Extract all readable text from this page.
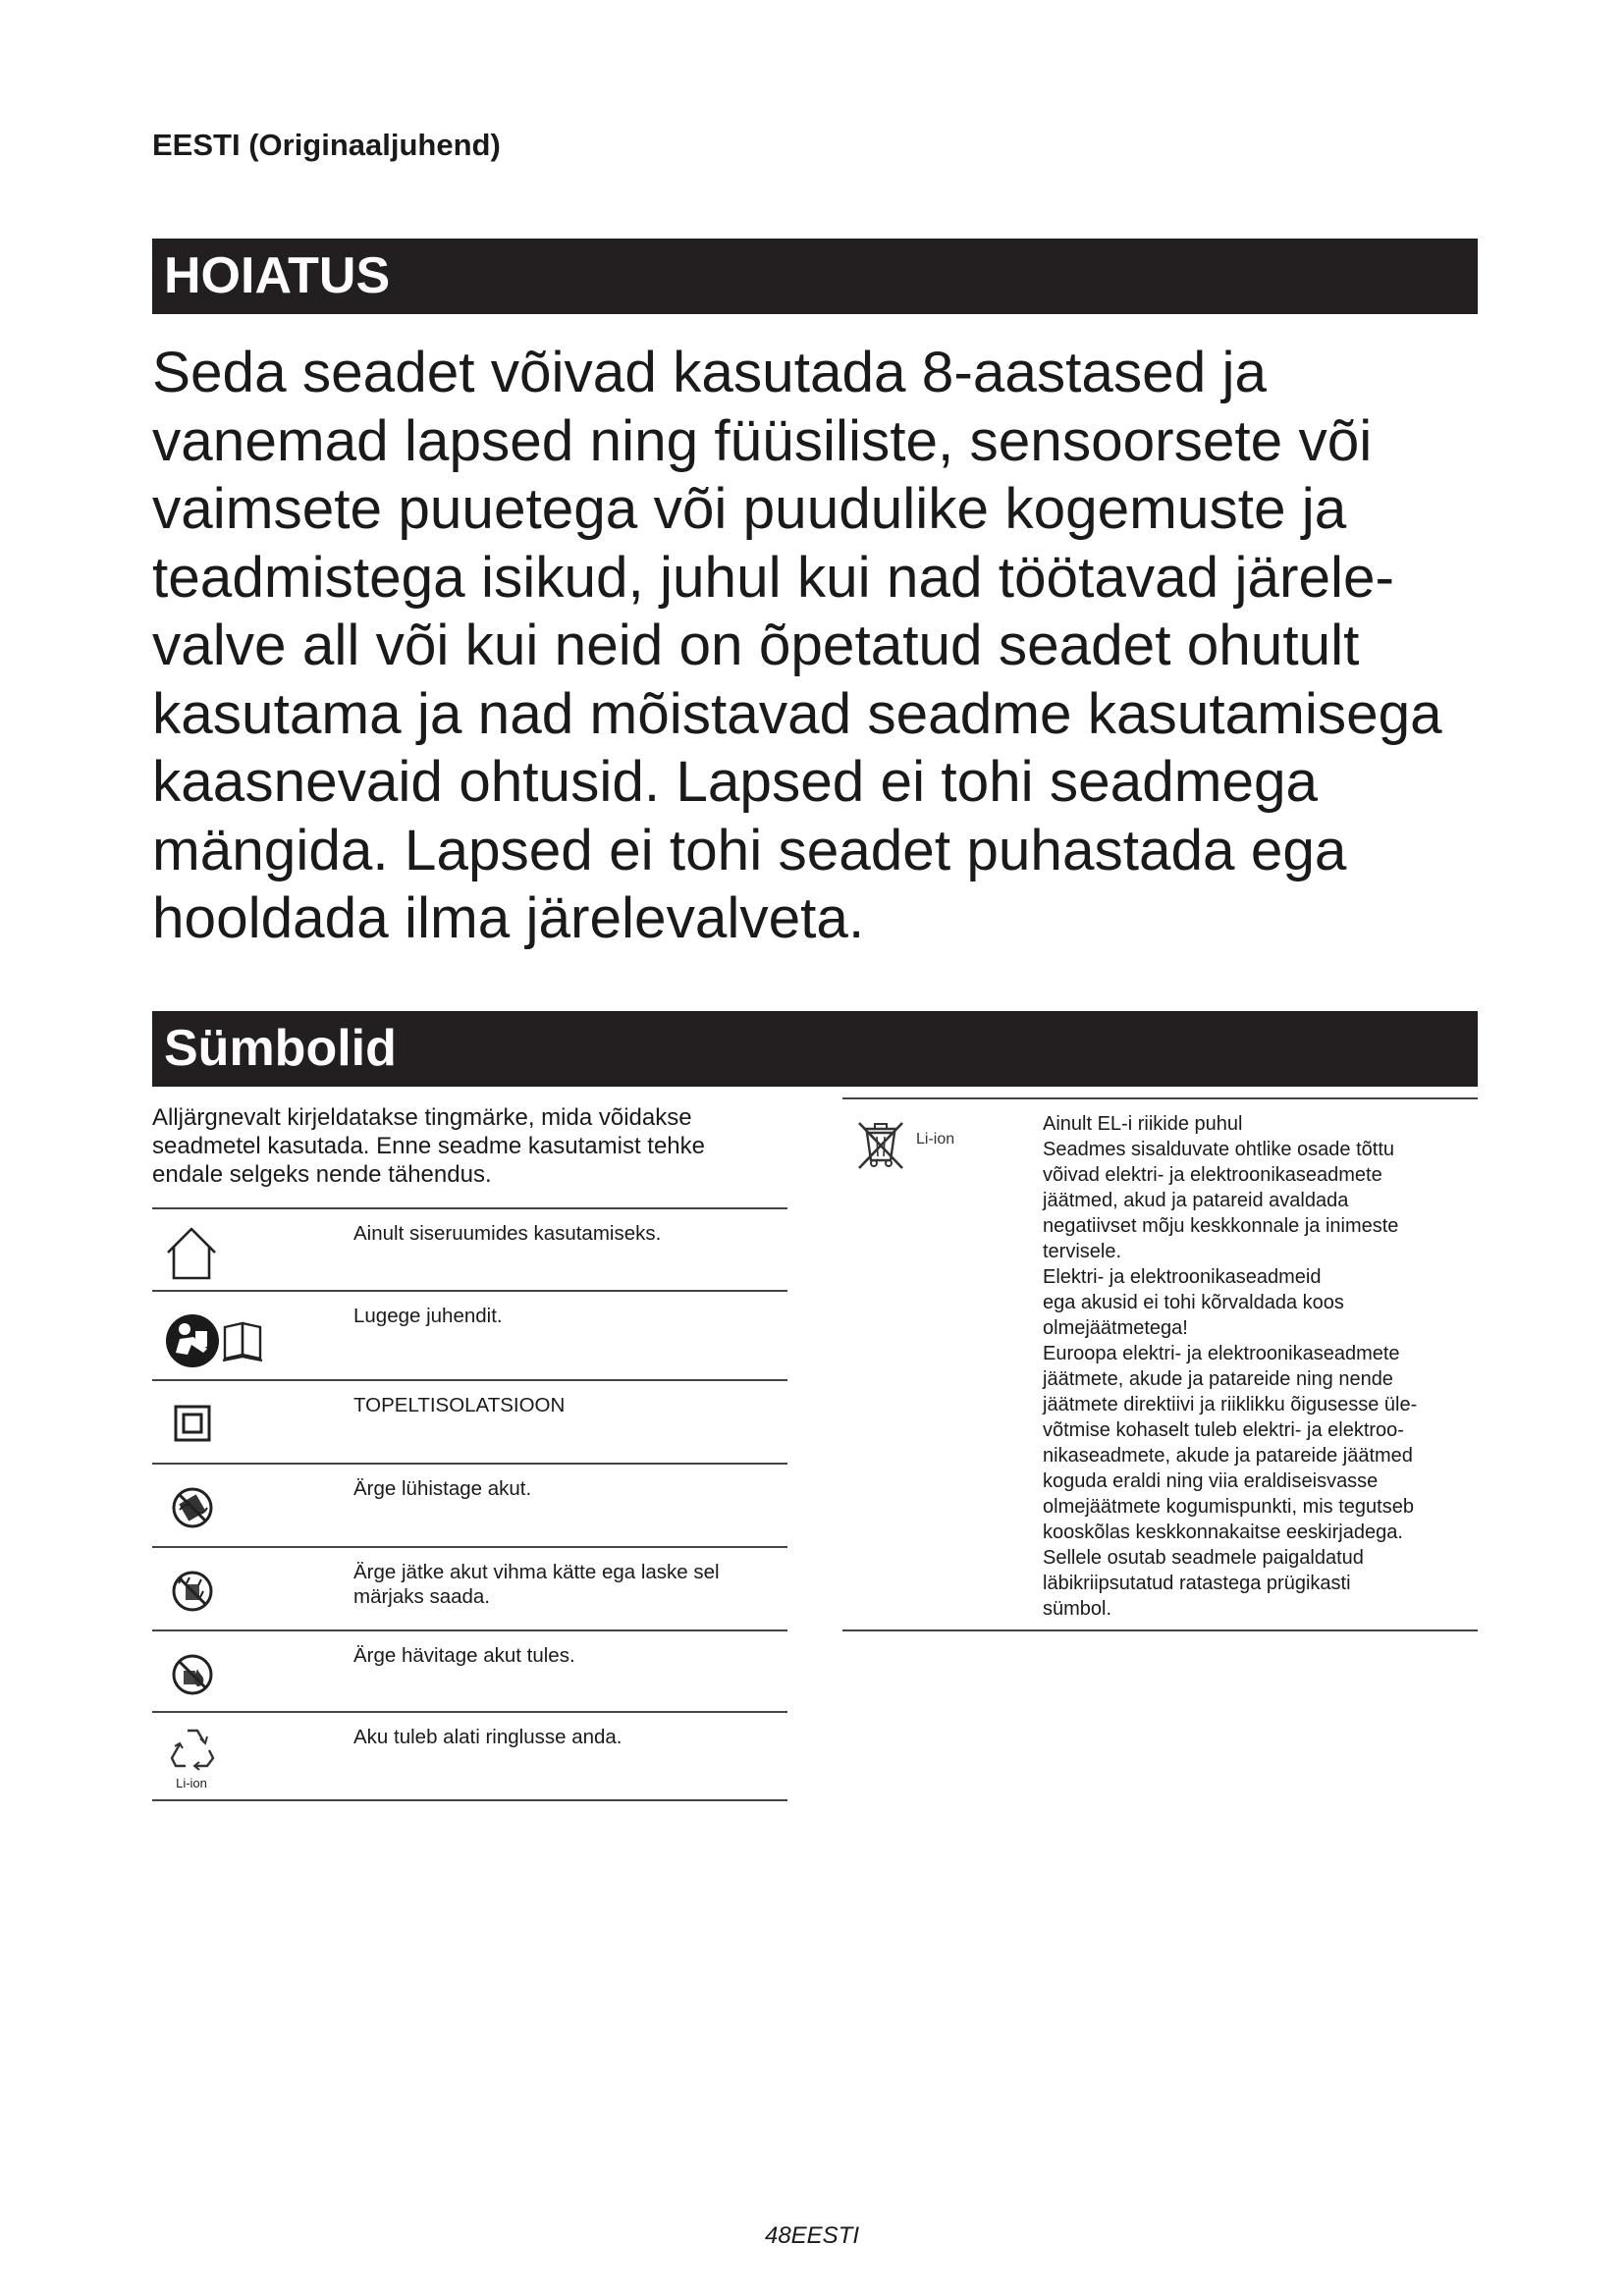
EESTI (Originaaljuhend)
HOIATUS
Seda seadet võivad kasutada 8-aastased ja
vanemad lapsed ning füüsiliste, sensoorsete või
vaimsete puuetega või puudulike kogemuste ja
teadmistega isikud, juhul kui nad töötavad järele-
valve all või kui neid on õpetatud seadet ohutult
kasutama ja nad mõistavad seadme kasutamisega
kaasnevaid ohtusid. Lapsed ei tohi seadmega
mängida. Lapsed ei tohi seadet puhastada ega
hooldada ilma järelevalveta.
Sümbolid
Alljärgnevalt kirjeldatakse tingmärke, mida võidakse
seadmetel kasutada. Enne seadme kasutamist tehke
endale selgeks nende tähendus.
Ainult siseruumides kasutamiseks.
Lugege juhendit.
TOPELTISOLATSIOON
Ärge lühistage akut.
Ärge jätke akut vihma kätte ega laske sel märjaks saada.
Ärge hävitage akut tules.
Li-ion
Aku tuleb alati ringlusse anda.
Li-ion
Ainult EL-i riikide puhul
Seadmes sisalduvate ohtlike osade tõttu
võivad elektri- ja elektroonikaseadmete
jäätmed, akud ja patareid avaldada
negatiivset mõju keskkonnale ja inimeste
tervisele.
Elektri- ja elektroonikaseadmeid
ega akusid ei tohi kõrvaldada koos
olmejäätmetega!
Euroopa elektri- ja elektroonikaseadmete
jäätmete, akude ja patareide ning nende
jäätmete direktiivi ja riiklikku õigusesse üle-
võtmise kohaselt tuleb elektri- ja elektroo-
nikaseadmete, akude ja patareide jäätmed
koguda eraldi ning viia eraldiseisvasse
olmejäätmete kogumispunkti, mis tegutseb
kooskõlas keskkonnakaitse eeskirjadega.
Sellele osutab seadmele paigaldatud
läbikriipsutatud ratastega prügikasti
sümbol.
48EESTI
